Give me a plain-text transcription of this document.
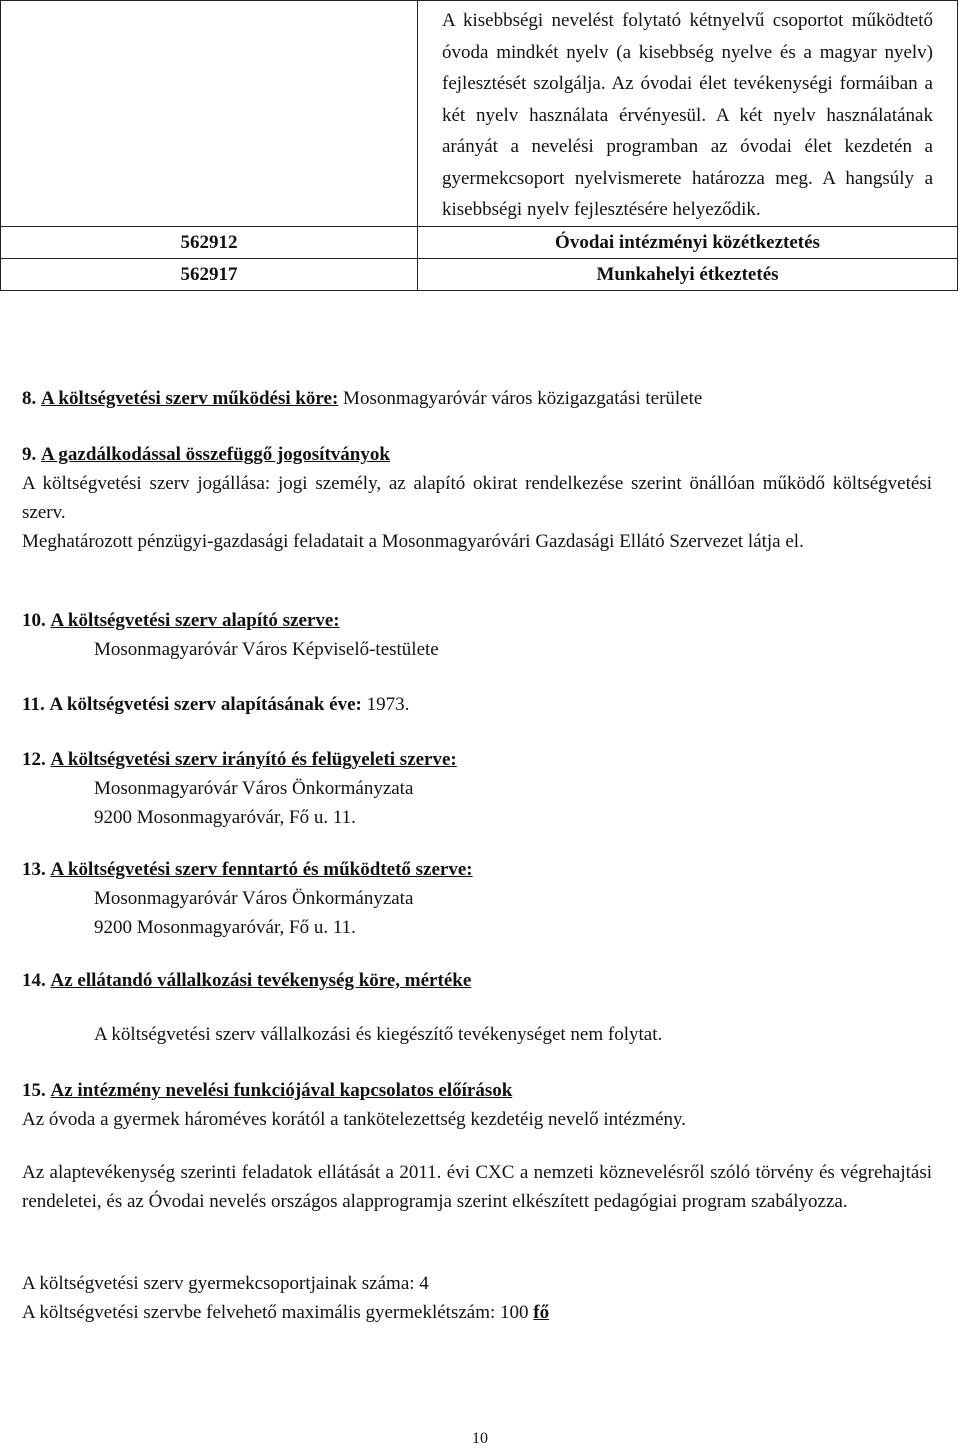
	A kisebbségi nevelést folytató kétnyelvű csoportot működtető óvoda mindkét nyelv (a kisebbség nyelve és a magyar nyelv) fejlesztését szolgálja. Az óvodai élet tevékenységi formáiban a két nyelv használata érvényesül. A két nyelv használatának arányát a nevelési programban az óvodai élet kezdetén a gyermekcsoport nyelvismerete határozza meg. A hangsúly a kisebbségi nyelv fejlesztésére helyeződik.

562912	Óvodai intézményi közétkeztetés
562917	Munkahelyi étkeztetés
8. A költségvetési szerv működési köre: Mosonmagyaróvár város közigazgatási területe
9. A gazdálkodással összefüggő jogosítványok
A költségvetési szerv jogállása: jogi személy, az alapító okirat rendelkezése szerint önállóan működő költségvetési szerv.
Meghatározott pénzügyi-gazdasági feladatait a Mosonmagyaróvári Gazdasági Ellátó Szervezet látja el.
10. A költségvetési szerv alapító szerve:
Mosonmagyaróvár Város Képviselő-testülete
11. A költségvetési szerv alapításának éve: 1973.
12. A költségvetési szerv irányító és felügyeleti szerve:
Mosonmagyaróvár Város Önkormányzata
9200 Mosonmagyaróvár, Fő u. 11.
13. A költségvetési szerv fenntartó és működtető szerve:
Mosonmagyaróvár Város Önkormányzata
9200 Mosonmagyaróvár, Fő u. 11.
14. Az ellátandó vállalkozási tevékenység köre, mértéke
A költségvetési szerv vállalkozási és kiegészítő tevékenységet nem folytat.
15. Az intézmény nevelési funkciójával kapcsolatos előírások
Az óvoda a gyermek hároméves korától a tankötelezettség kezdetéig nevelő intézmény.
Az alaptevékenység szerinti feladatok ellátását a 2011. évi CXC a nemzeti köznevelésről szóló törvény és végrehajtási rendeletei, és az Óvodai nevelés országos alapprogramja szerint elkészített pedagógiai program szabályozza.
A költségvetési szerv gyermekcsoportjainak száma: 4
A költségvetési szervbe felvehető maximális gyermeklétszám: 100 fő
10
